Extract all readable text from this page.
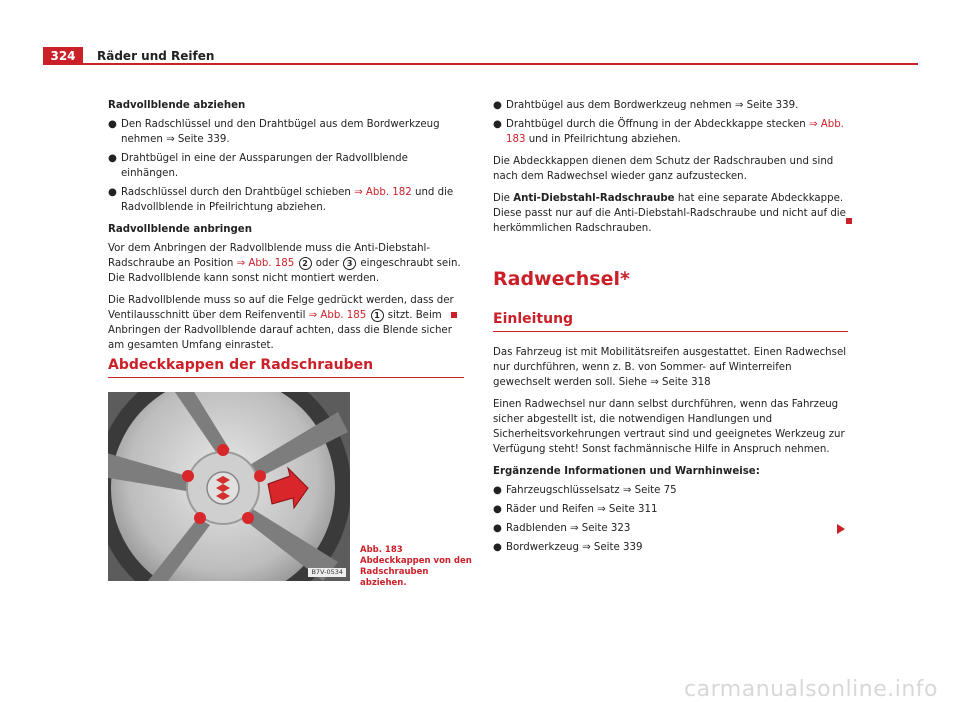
324	Räder und Reifen

Radvollblende abziehen

● Den Radschlüssel und den Drahtbügel aus dem Bordwerkzeug nehmen ⇒ Seite 339.
● Drahtbügel in eine der Aussparungen der Radvollblende einhängen.
● Radschlüssel durch den Drahtbügel schieben ⇒ Abb. 182 und die Radvollblende in Pfeilrichtung abziehen.

Radvollblende anbringen

Vor dem Anbringen der Radvollblende muss die Anti-Diebstahl-Radschraube an Position ⇒ Abb. 185 2 oder 3 eingeschraubt sein. Die Radvollblende kann sonst nicht montiert werden.

Die Radvollblende muss so auf die Felge gedrückt werden, dass der Ventilausschnitt über dem Reifenventil ⇒ Abb. 185 1 sitzt. Beim Anbringen der Radvollblende darauf achten, dass die Blende sicher am gesamten Umfang einrastet.

Abdeckkappen der Radschrauben
B7V-0534
Abb. 183 Abdeckkappen von den Radschrauben abziehen.
● Drahtbügel aus dem Bordwerkzeug nehmen ⇒ Seite 339.
● Drahtbügel durch die Öffnung in der Abdeckkappe stecken ⇒ Abb. 183 und in Pfeilrichtung abziehen.

Die Abdeckkappen dienen dem Schutz der Radschrauben und sind nach dem Radwechsel wieder ganz aufzustecken.

Die Anti-Diebstahl-Radschraube hat eine separate Abdeckkappe. Diese passt nur auf die Anti-Diebstahl-Radschraube und nicht auf die herkömmlichen Radschrauben.

Radwechsel*
Einleitung

Das Fahrzeug ist mit Mobilitätsreifen ausgestattet. Einen Radwechsel nur durchführen, wenn z. B. von Sommer- auf Winterreifen gewechselt werden soll. Siehe ⇒ Seite 318

Einen Radwechsel nur dann selbst durchführen, wenn das Fahrzeug sicher abgestellt ist, die notwendigen Handlungen und Sicherheitsvorkehrungen vertraut sind und geeignetes Werkzeug zur Verfügung steht! Sonst fachmännische Hilfe in Anspruch nehmen.

Ergänzende Informationen und Warnhinweise:

● Fahrzeugschlüsselsatz ⇒ Seite 75
● Räder und Reifen ⇒ Seite 311
● Radblenden ⇒ Seite 323
● Bordwerkzeug ⇒ Seite 339
carmanualsonline.info
